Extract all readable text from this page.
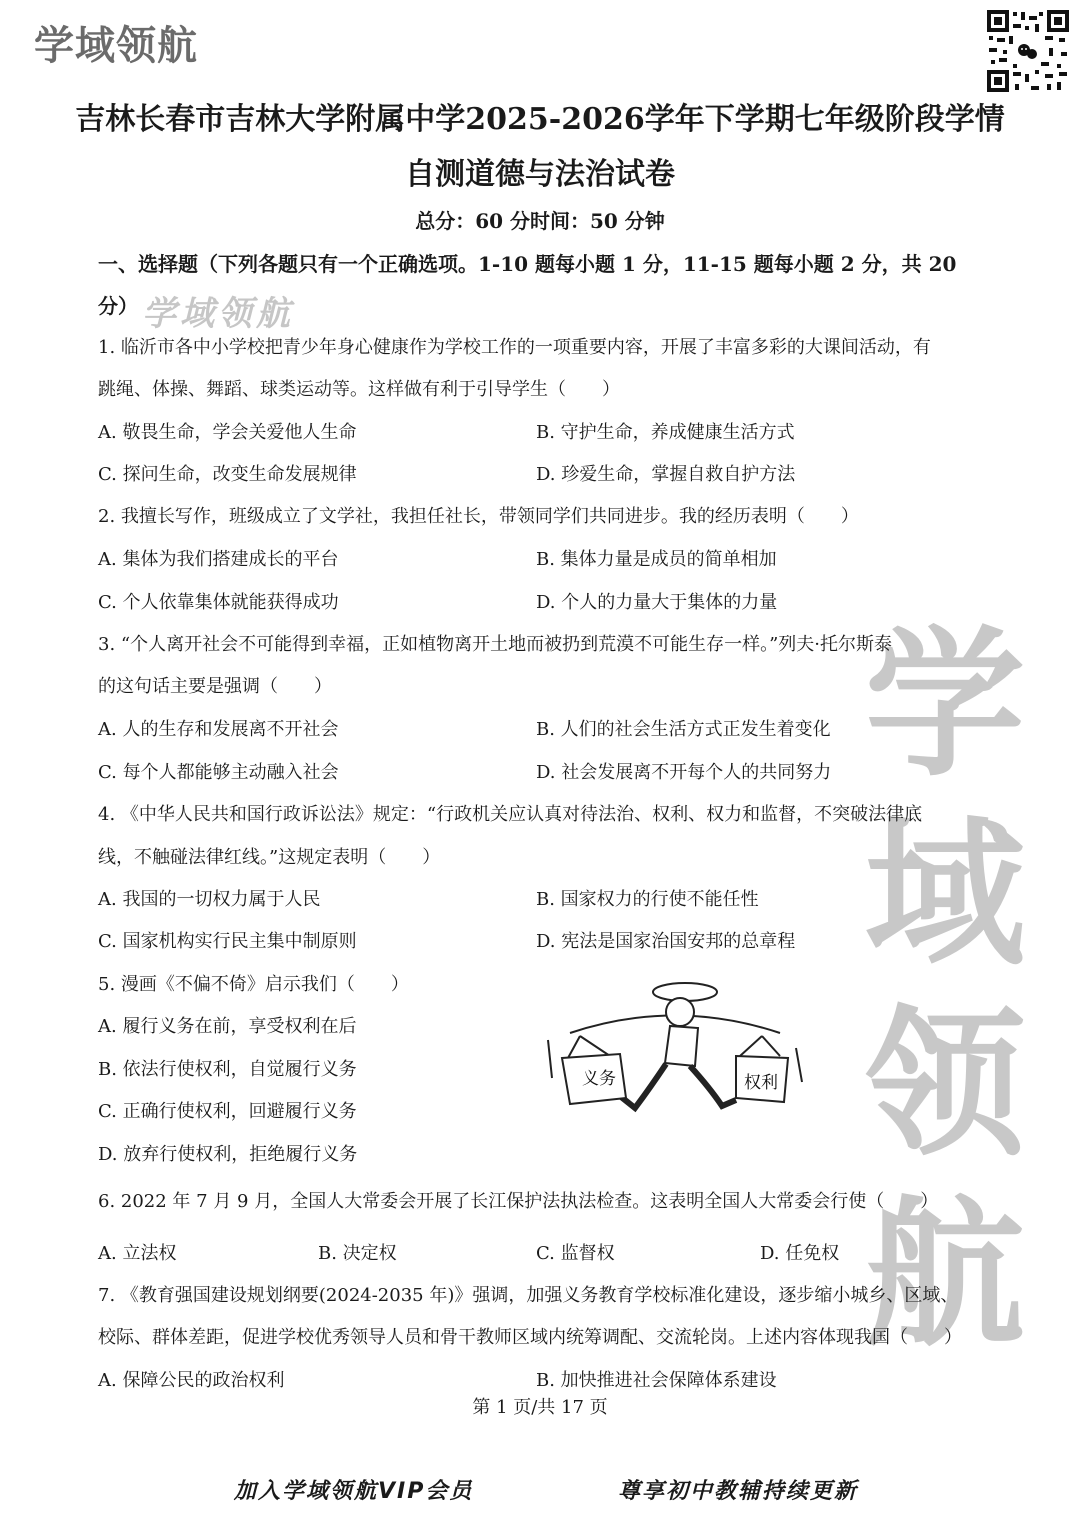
学域领航
吉林长春市吉林大学附属中学2025-2026学年下学期七年级阶段学情
自测道德与法治试卷
总分：60 分时间：50 分钟
一、选择题（下列各题只有一个正确选项。1-10 题每小题 1 分，11-15 题每小题 2 分，共 20
分） 学域领航
学域领航
1. 临沂市各中小学校把青少年身心健康作为学校工作的一项重要内容，开展了丰富多彩的大课间活动，有
跳绳、体操、舞蹈、球类运动等。这样做有利于引导学生（　　）
A. 敬畏生命，学会关爱他人生命	B. 守护生命，养成健康生活方式
C. 探问生命，改变生命发展规律	D. 珍爱生命，掌握自救自护方法
2. 我擅长写作，班级成立了文学社，我担任社长，带领同学们共同进步。我的经历表明（　　）
A. 集体为我们搭建成长的平台	B. 集体力量是成员的简单相加
C. 个人依靠集体就能获得成功	D. 个人的力量大于集体的力量
3. “个人离开社会不可能得到幸福，正如植物离开土地而被扔到荒漠不可能生存一样。”列夫·托尔斯泰
的这句话主要是强调（　　）
A. 人的生存和发展离不开社会	B. 人们的社会生活方式正发生着变化
C. 每个人都能够主动融入社会	D. 社会发展离不开每个人的共同努力
4. 《中华人民共和国行政诉讼法》规定：“行政机关应认真对待法治、权利、权力和监督，不突破法律底
线，不触碰法律红线。”这规定表明（　　）
A. 我国的一切权力属于人民	B. 国家权力的行使不能任性
C. 国家机构实行民主集中制原则	D. 宪法是国家治国安邦的总章程
5. 漫画《不偏不倚》启示我们（　　）
A. 履行义务在前，享受权利在后
B. 依法行使权利，自觉履行义务
C. 正确行使权利，回避履行义务
D. 放弃行使权利，拒绝履行义务
义务	权利
6. 2022 年 7 月 9 月，全国人大常委会开展了长江保护法执法检查。这表明全国人大常委会行使（　　）
A. 立法权	B. 决定权	C. 监督权	D. 任免权
7. 《教育强国建设规划纲要(2024-2035 年)》强调，加强义务教育学校标准化建设，逐步缩小城乡、区域、
校际、群体差距，促进学校优秀领导人员和骨干教师区域内统筹调配、交流轮岗。上述内容体现我国（　　）
A. 保障公民的政治权利	B. 加快推进社会保障体系建设
第 1 页/共 17 页
加入学域领航VIP会员	尊享初中教辅持续更新
